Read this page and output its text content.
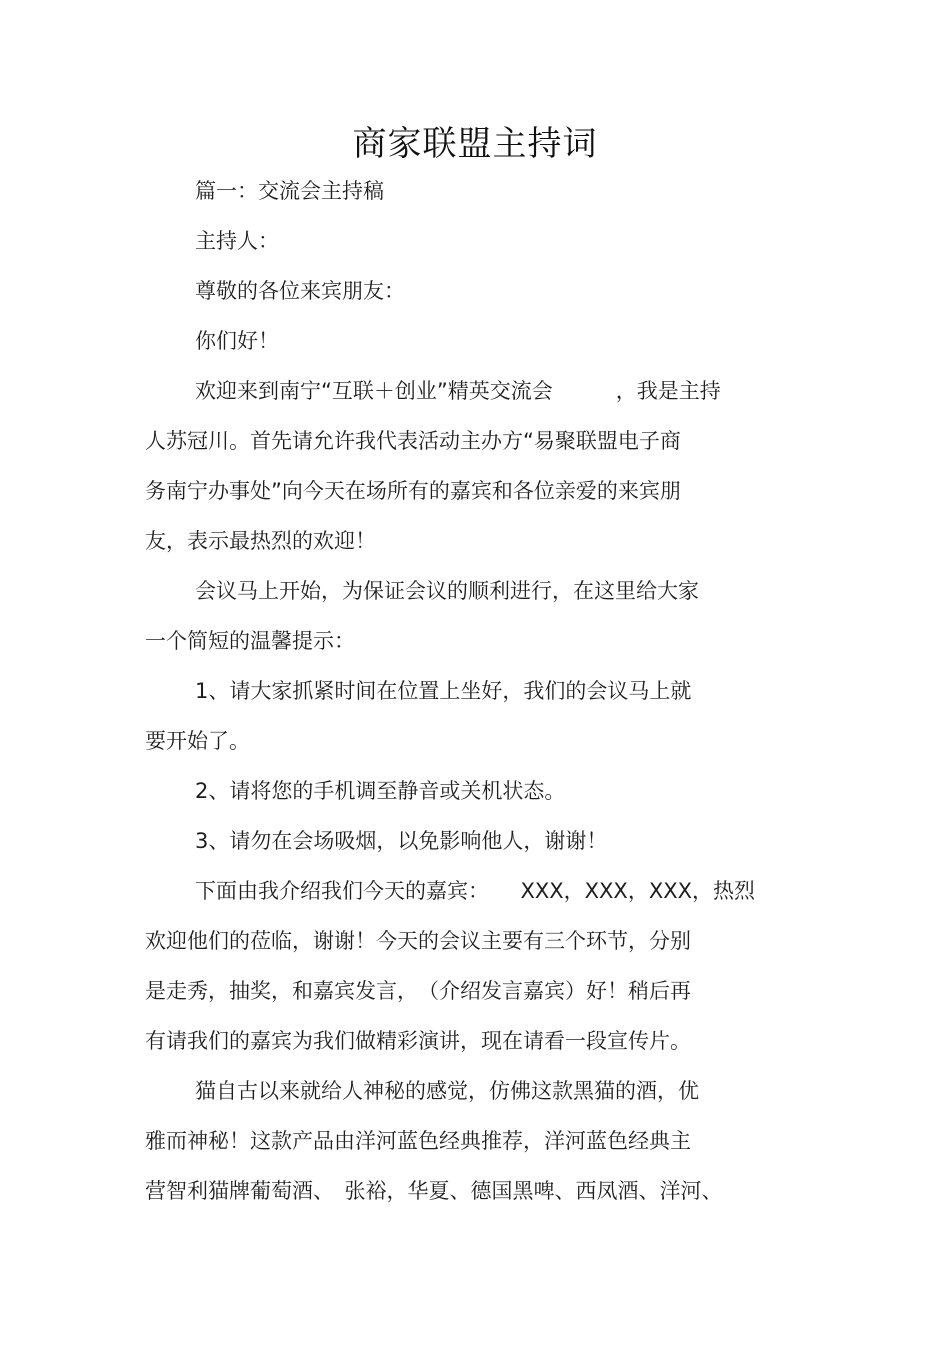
商家联盟主持词
篇一：交流会主持稿
主持人：
尊敬的各位来宾朋友：
你们好！
欢迎来到南宁“互联＋创业”精英交流会　　　，我是主持
人苏冠川。首先请允许我代表活动主办方“易聚联盟电子商
务南宁办事处”向今天在场所有的嘉宾和各位亲爱的来宾朋
友，表示最热烈的欢迎！
会议马上开始，为保证会议的顺利进行，在这里给大家
一个简短的温馨提示：
1、请大家抓紧时间在位置上坐好，我们的会议马上就
要开始了。
2、请将您的手机调至静音或关机状态。
3、请勿在会场吸烟，以免影响他人，谢谢！
下面由我介绍我们今天的嘉宾：　　XXX，XXX，XXX，热烈
欢迎他们的莅临，谢谢！今天的会议主要有三个环节，分别
是走秀，抽奖，和嘉宾发言，　（介绍发言嘉宾）好！稍后再
有请我们的嘉宾为我们做精彩演讲，现在请看一段宣传片。
猫自古以来就给人神秘的感觉，仿佛这款黑猫的酒，优
雅而神秘！这款产品由洋河蓝色经典推荐，洋河蓝色经典主
营智利猫牌葡萄酒、　张裕，华夏、德国黑啤、西凤酒、洋河、
